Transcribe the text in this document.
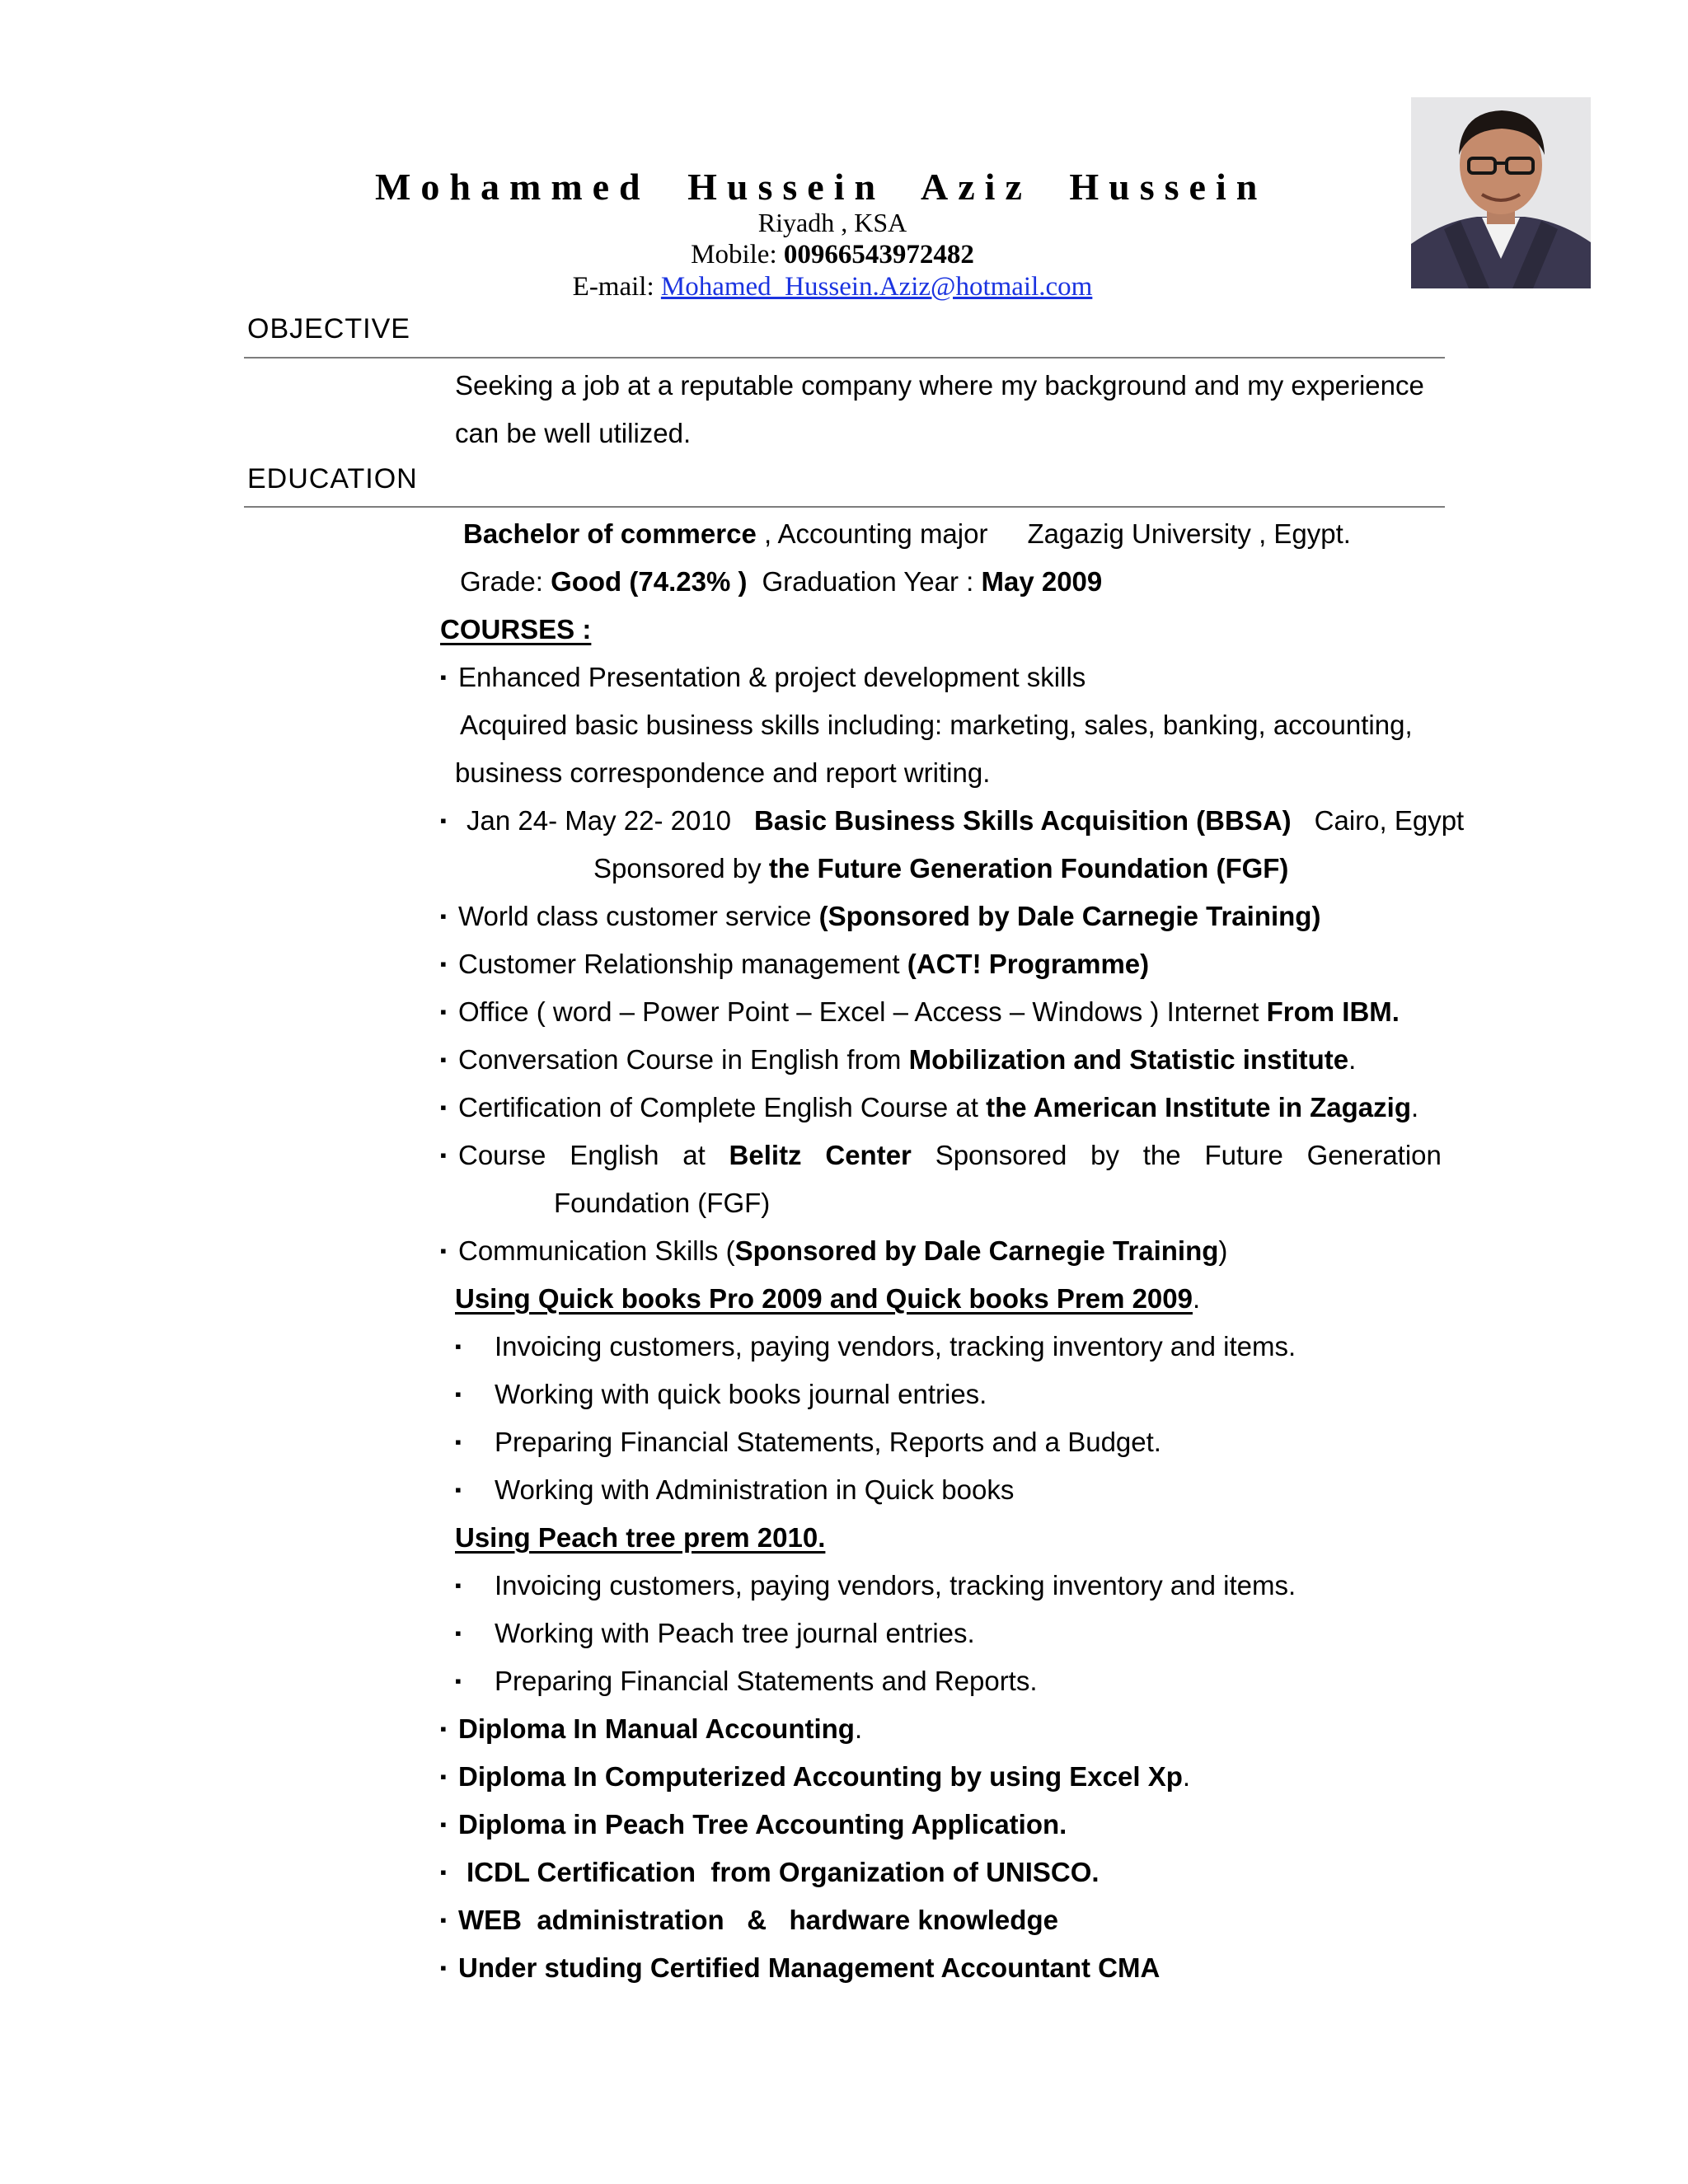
Mohammed Hussein Aziz Hussein
Riyadh , KSA
Mobile: 00966543972482
E-mail: Mohamed_Hussein.Aziz@hotmail.com
OBJECTIVE
Seeking a job at a reputable company where my background and my experience
can be well utilized.
EDUCATION
Bachelor of commerce , Accounting major Zagazig University , Egypt.
Grade: Good (74.23% ) Graduation Year : May 2009
COURSES :
▪ Enhanced Presentation & project development skills
Acquired basic business skills including: marketing, sales, banking, accounting,
business correspondence and report writing.
▪ Jan 24- May 22- 2010 Basic Business Skills Acquisition (BBSA) Cairo, Egypt
Sponsored by the Future Generation Foundation (FGF)
▪ World class customer service (Sponsored by Dale Carnegie Training)
▪ Customer Relationship management (ACT! Programme)
▪ Office ( word – Power Point – Excel – Access – Windows ) Internet From IBM.
▪ Conversation Course in English from Mobilization and Statistic institute.
▪ Certification of Complete English Course at the American Institute in Zagazig.
▪ Course English at Belitz Center Sponsored by the Future Generation
Foundation (FGF)
▪ Communication Skills (Sponsored by Dale Carnegie Training)
Using Quick books Pro 2009 and Quick books Prem 2009.
▪ Invoicing customers, paying vendors, tracking inventory and items.
▪ Working with quick books journal entries.
▪ Preparing Financial Statements, Reports and a Budget.
▪ Working with Administration in Quick books
Using Peach tree prem 2010.
▪ Invoicing customers, paying vendors, tracking inventory and items.
▪ Working with Peach tree journal entries.
▪ Preparing Financial Statements and Reports.
▪ Diploma In Manual Accounting.
▪ Diploma In Computerized Accounting by using Excel Xp.
▪ Diploma in Peach Tree Accounting Application.
▪ ICDL Certification  from Organization of UNISCO.
▪ WEB  administration   &   hardware knowledge
▪ Under studing Certified Management Accountant CMA
